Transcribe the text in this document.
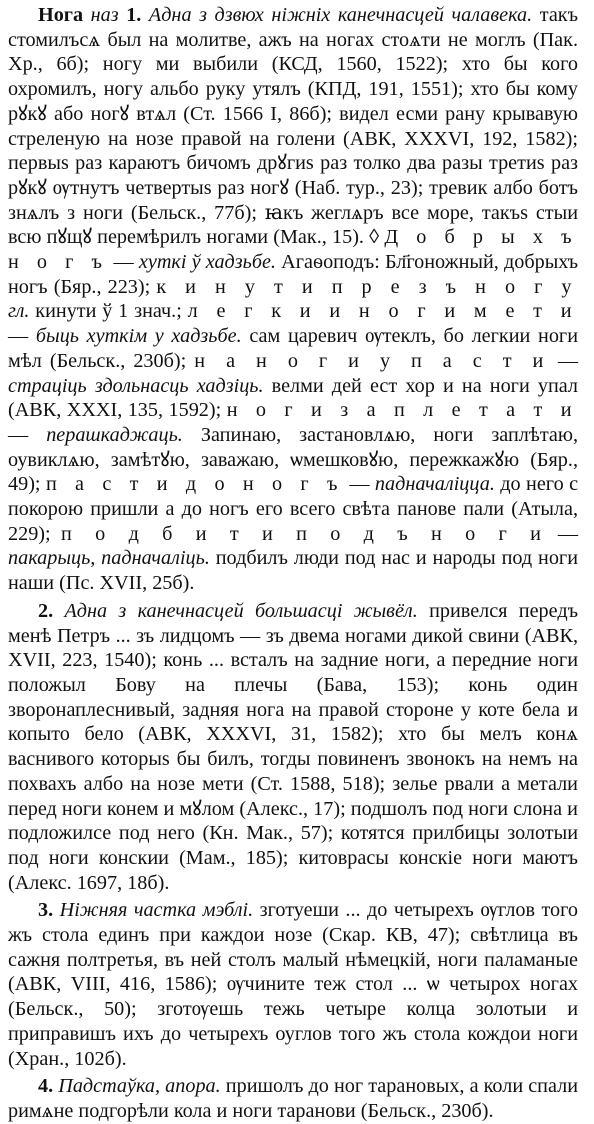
Нога наз 1. Адна з дзвюх ніжніх канечнасцей чалавека. такъ стомилъсѧ был на молитве, ажъ на ногах стоѧти не моглъ (Пак. Хр., 6б); ногу ми выбили (КСД, 1560, 1522); хто бы кого охромилъ, ногу альбо руку утялъ (КПД, 191, 1551); хто бы кому рꙋкꙋ або ногꙋ втѧл (Ст. 1566 I, 86б); видел есми рану крывавую стреленую на нозе правой на голени (АВК, XXXVI, 192, 1582); первыs раз караютъ бичомъ дрꙋгиs раз толко два разы третиs раз рꙋкꙋ ѹтнутъ четвертыs раз ногꙋ (Наб. тур., 23); тревик албо ботъ знѧлъ з ноги (Бельск., 77б); ꙗкъ жеглѧръ все море, такъs стыи всю пꙋщꙋ перемѣрилъ ногами (Мак., 15). ◊ Д о б р ы х ъ н о г ъ — хуткі ў хадзьбе. Агаѳоподъ: Бл҃гоножный, добрыхъ ногъ (Бяр., 223); к и н у т и п р е з ъ н о г у гл. кинути ў 1 знач.; л е г к и и н о г и м е т и — быць хуткім у хадзьбе. сам царевич ѹтеклъ, бо легкии ноги мѣл (Бельск., 230б); н а н о г и у п а с т и — страціць здольнасць хадзіць. велми дей ест хор и на ноги упал (АВК, XXXI, 135, 1592); н о г и з а п л е т а т и — перашкаджаць. Запинаю, застановлѧю, ноги заплѣтаю, оувиклѧю, замѣтꙋю, заважаю, ѡмешковꙋю, пережкажꙋю (Бяр., 49); п а с т и д о н о г ъ — падначаліцца. до него с покорою пришли а до ногъ его всего свѣта панове пали (Атыла, 229); п о д б и т и п о д ъ н о г и — пакарыць, падначаліць. подбилъ люди под нас и народы под ноги наши (Пс. XVII, 25б).

2. Адна з канечнасцей большасці жывёл. привелся передъ менѣ Петръ ... зъ лидцомъ — зъ двема ногами дикой свини (АВК, XVII, 223, 1540); конь ... всталъ на задние ноги, а передние ноги положыл Бову на плечы (Бава, 153); конь один зворонаплеснивый, задняя нога на правой стороне у коте бела и копыто бело (АВК, XXXVI, 31, 1582); хто бы мелъ конѧ васнивого которыs бы билъ, тогды повиненъ звонокъ на немъ на похвахъ албо на нозе мети (Ст. 1588, 518); зелье рвали а метали перед ноги конем и мꙋлом (Алекс., 17); подшолъ под ноги слона и подложилсе под него (Кн. Мак., 57); котятся прилбицы золотыи под ноги конскии (Мам., 185); китоврасы конскіе ноги маютъ (Алекс. 1697, 18б).

3. Ніжняя частка мэблі. зготуеши ... до четырехъ ѹглов того жъ стола единъ при каждои нозе (Скар. КВ, 47); свѣтлица въ сажня полтретья, въ ней столъ малый нѣмецкій, ноги паламаные (АВК, VIII, 416, 1586); ѹчините теж стол ... ѡ четырох ногах (Бельск., 50); зготѹешь тежь четыре колца золотыи и приправишъ ихъ до четырехъ оуглов того жъ стола кождои ноги (Хран., 102б).

4. Падстаўка, апора. пришолъ до ног тарановых, а коли спали римѧне подгорѣли кола и ноги таранови (Бельск., 230б).
